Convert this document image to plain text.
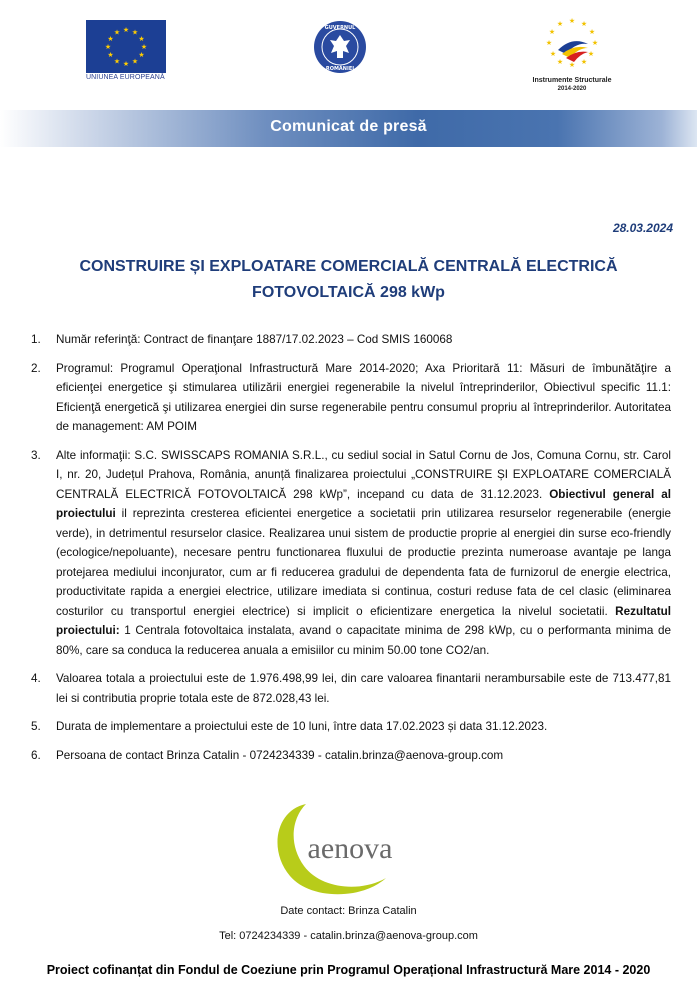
★ ★
★
★
★
★
★
★
★
★
★
★
UNIUNEA EUROPEANĂ
GUVERNUL
ROMÂNIEI
★ ★
★
★
★
★
★
★	★
★
★ ★
Instrumente Structurale
2014-2020
Comunicat de presă
28.03.2024
CONSTRUIRE ȘI EXPLOATARE COMERCIALĂ CENTRALĂ ELECTRICĂ
FOTOVOLTAICĂ 298 kWp
1. Număr referinţă: Contract de finanţare 1887/17.02.2023 – Cod SMIS 160068
2. Programul: Programul Operaţional Infrastructură Mare 2014-2020; Axa Prioritară 11: Măsuri de îmbunătăţire a eficienţei energetice şi stimularea utilizării energiei regenerabile la nivelul întreprinderilor, Obiectivul specific 11.1: Eficienţă energetică şi utilizarea energiei din surse regenerabile pentru consumul propriu al întreprinderilor. Autoritatea de management: AM POIM
3. Alte informaţii: S.C. SWISSCAPS ROMANIA S.R.L., cu sediul social in Satul Cornu de Jos, Comuna Cornu, str. Carol I, nr. 20, Județul Prahova, România, anunță finalizarea proiectului „CONSTRUIRE ȘI EXPLOATARE COMERCIALĂ CENTRALĂ ELECTRICĂ FOTOVOLTAICĂ 298 kWp”, incepand cu data de 31.12.2023. Obiectivul general al proiectului il reprezinta cresterea eficientei energetice a societatii prin utilizarea resurselor regenerabile (energie verde), in detrimentul resurselor clasice. Realizarea unui sistem de productie proprie al energiei din surse eco-friendly (ecologice/nepoluante), necesare pentru functionarea fluxului de productie prezinta numeroase avantaje pe langa protejarea mediului inconjurator, cum ar fi reducerea gradului de dependenta fata de furnizorul de energie electrica, productivitate rapida a energiei electrice, utilizare imediata si continua, costuri reduse fata de cel clasic (eliminarea costurilor cu transportul energiei electrice) si implicit o eficientizare energetica la nivelul societatii. Rezultatul proiectului: 1 Centrala fotovoltaica instalata, avand o capacitate minima de 298 kWp, cu o performanta minima de 80%, care sa conduca la reducerea anuala a emisiilor cu minim 50.00 tone CO2/an.
4. Valoarea totala a proiectului este de 1.976.498,99 lei, din care valoarea finantarii nerambursabile este de 713.477,81 lei si contributia proprie totala este de 872.028,43 lei.
5. Durata de implementare a proiectului este de 10 luni, între data 17.02.2023 și data 31.12.2023.
6. Persoana de contact Brinza Catalin - 0724234339 - catalin.brinza@aenova-group.com
aenova
Date contact: Brinza Catalin
Tel: 0724234339 - catalin.brinza@aenova-group.com
Proiect cofinanțat din Fondul de Coeziune prin Programul Operațional Infrastructură Mare 2014 - 2020
